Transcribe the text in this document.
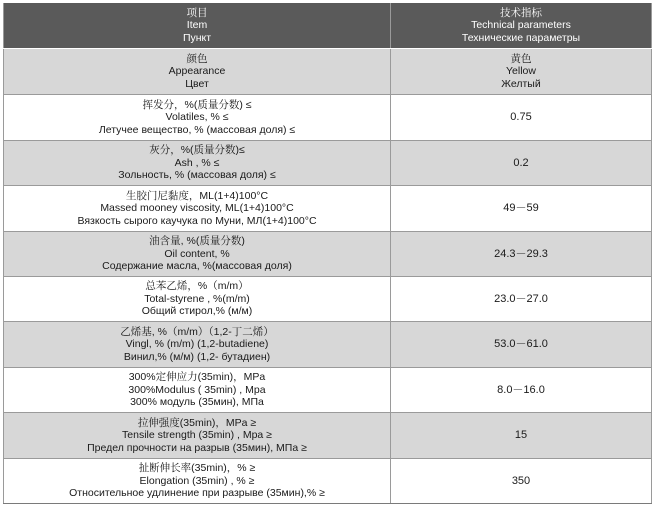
项目
Item
Пункт	技术指标
Technical parameters
Технические параметры

颜色
Appearance
Цвет	黄色
Yellow
Желтый

挥发分，%(质量分数) ≤
Volatiles, % ≤
Летучее вещество, % (массовая доля) ≤	0.75

灰分，%(质量分数)≤
Ash , % ≤
Зольность, % (массовая доля) ≤	0.2

生胶门尼黏度，ML(1+4)100°C
Massed mooney viscosity, ML(1+4)100°C
Вязкость сырого каучука по Муни, МЛ(1+4)100°C	49－59

油含量, %(质量分数)
Oil content, %
Содержание масла, %(массовая доля)	24.3－29.3

总苯乙烯，%（m/m）
Total-styrene , %(m/m)
Общий стирол,% (м/м)	23.0－27.0

乙烯基, %（m/m）（1,2-丁二烯）
Vingl, % (m/m) (1,2-butadiene)
Винил,% (м/м) (1,2- бутадиен)	53.0－61.0

300%定伸应力(35min)，MPa
300%Modulus ( 35min) , Mpa
300% модуль (35мин), МПа	8.0－16.0

拉伸强度(35min)，MPa ≥
Tensile strength (35min) , Mpa ≥
Предел прочности на разрыв (35мин), МПа ≥	15

扯断伸长率(35min)，% ≥
Elongation (35min) , % ≥
Относительное удлинение при разрыве (35мин),% ≥	350
